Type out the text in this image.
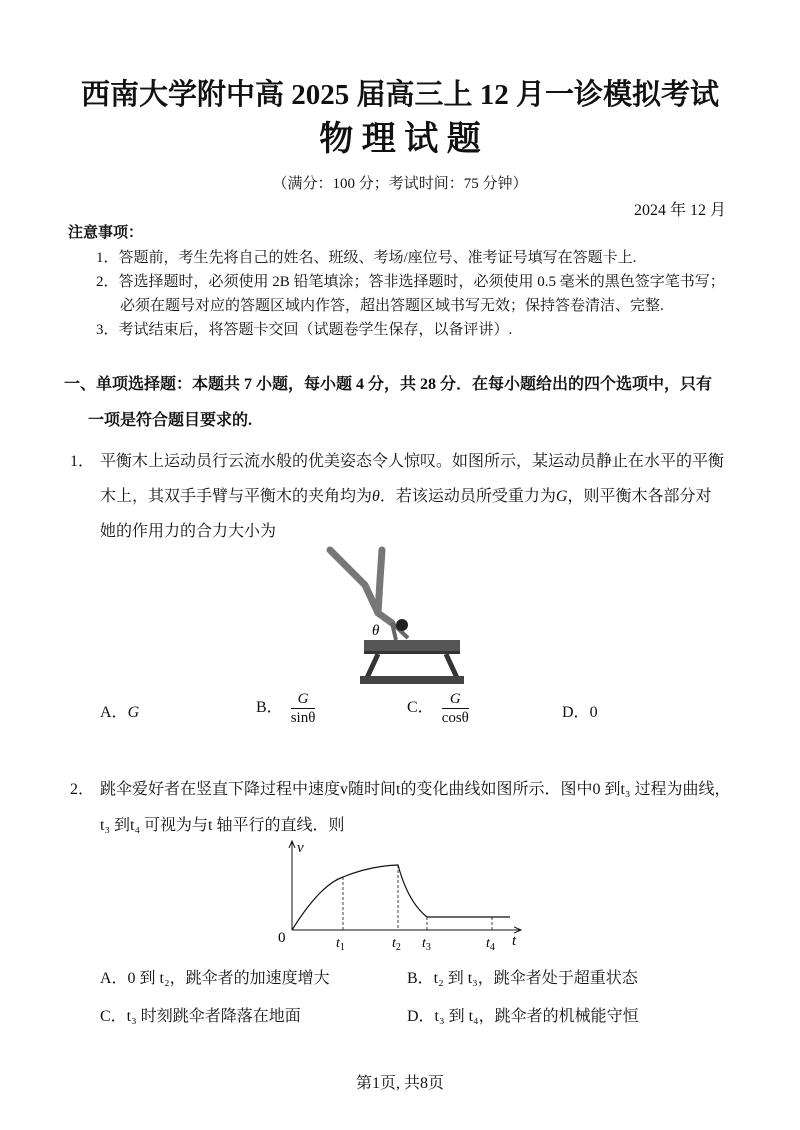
西南大学附中高 2025 届高三上 12 月一诊模拟考试
物 理 试 题
（满分：100 分；考试时间：75 分钟）
2024 年 12 月
注意事项：
1．答题前，考生先将自己的姓名、班级、考场/座位号、准考证号填写在答题卡上.
2．答选择题时，必须使用 2B 铅笔填涂；答非选择题时，必须使用 0.5 毫米的黑色签字笔书写；
必须在题号对应的答题区域内作答，超出答题区域书写无效；保持答卷清洁、完整.
3．考试结束后，将答题卡交回（试题卷学生保存，以备评讲）.
一、单项选择题：本题共 7 小题，每小题 4 分，共 28 分．在每小题给出的四个选项中，只有
一项是符合题目要求的.
1． 平衡木上运动员行云流水般的优美姿态令人惊叹。如图所示，某运动员静止在水平的平衡
木上，其双手手臂与平衡木的夹角均为θ．若该运动员所受重力为G，则平衡木各部分对
她的作用力的合力大小为
θ
A．G	B． $\frac{G}{\sin\theta}$	C． $\frac{G}{\cos\theta}$	D．0
2． 跳伞爱好者在竖直下降过程中速度v随时间t的变化曲线如图所示．图中0 到t₃ 过程为曲线，
t₃ 到t₄ 可视为与t 轴平行的直线．则
v
t
0	$t_1$	$t_2$ $t_3$	$t_4$
A．0 到 t₂，跳伞者的加速度增大	B．t₂ 到 t₃，跳伞者处于超重状态
C．t₃ 时刻跳伞者降落在地面	D．t₃ 到 t₄，跳伞者的机械能守恒
第1页, 共8页
